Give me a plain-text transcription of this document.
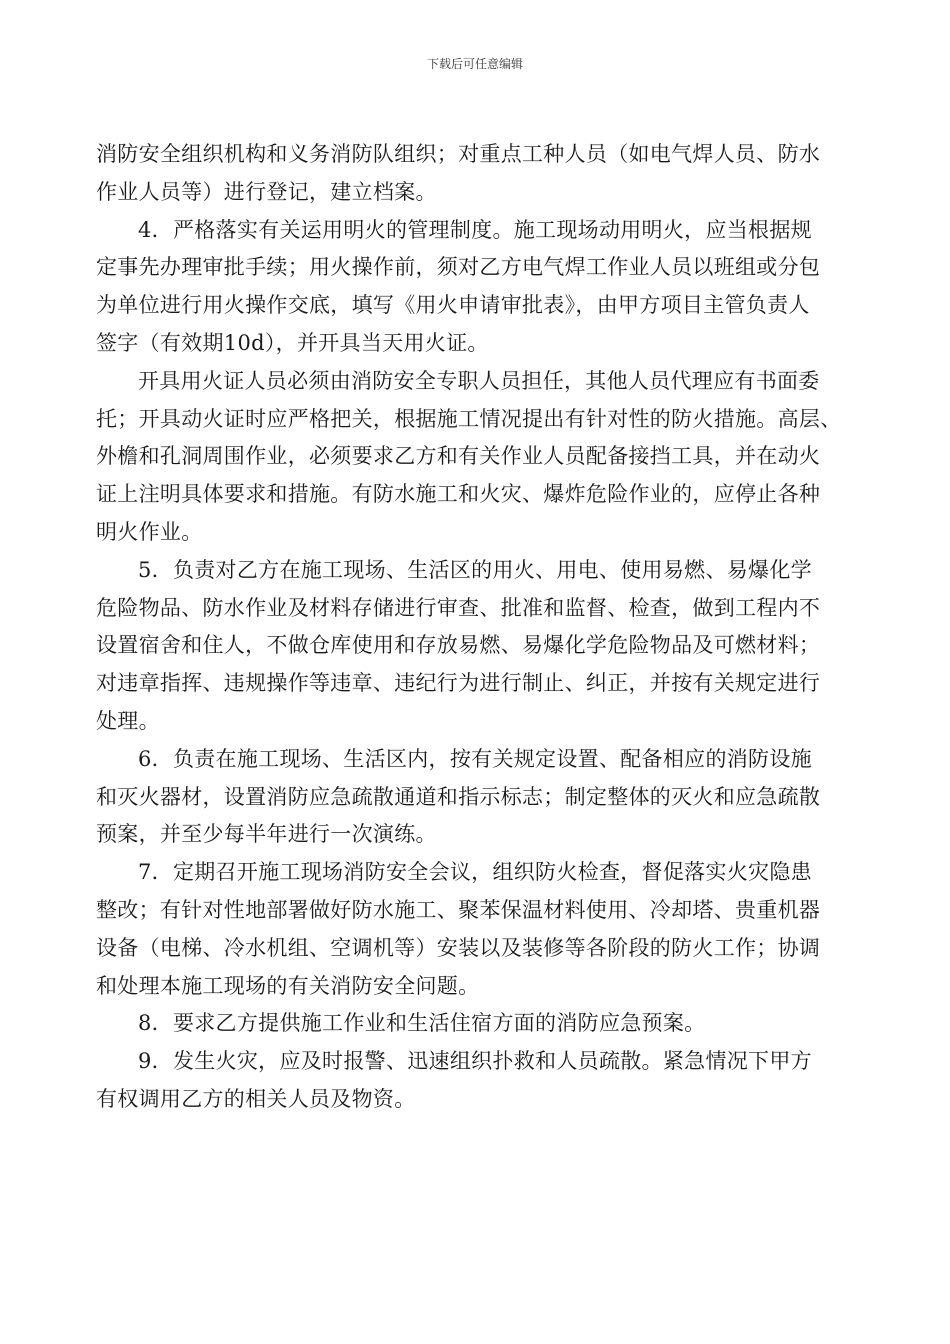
下载后可任意编辑

消防安全组织机构和义务消防队组织；对重点工种人员（如电气焊人员、防水
作业人员等）进行登记，建立档案。

4．严格落实有关运用明火的管理制度。施工现场动用明火，应当根据规
定事先办理审批手续；用火操作前，须对乙方电气焊工作业人员以班组或分包
为单位进行用火操作交底，填写《用火申请审批表》，由甲方项目主管负责人
签字（有效期10d），并开具当天用火证。

开具用火证人员必须由消防安全专职人员担任，其他人员代理应有书面委
托；开具动火证时应严格把关，根据施工情况提出有针对性的防火措施。高层、
外檐和孔洞周围作业，必须要求乙方和有关作业人员配备接挡工具，并在动火
证上注明具体要求和措施。有防水施工和火灾、爆炸危险作业的，应停止各种
明火作业。

5．负责对乙方在施工现场、生活区的用火、用电、使用易燃、易爆化学
危险物品、防水作业及材料存储进行审查、批准和监督、检查，做到工程内不
设置宿舍和住人，不做仓库使用和存放易燃、易爆化学危险物品及可燃材料；
对违章指挥、违规操作等违章、违纪行为进行制止、纠正，并按有关规定进行
处理。

6．负责在施工现场、生活区内，按有关规定设置、配备相应的消防设施
和灭火器材，设置消防应急疏散通道和指示标志；制定整体的灭火和应急疏散
预案，并至少每半年进行一次演练。

7．定期召开施工现场消防安全会议，组织防火检查，督促落实火灾隐患
整改；有针对性地部署做好防水施工、聚苯保温材料使用、冷却塔、贵重机器
设备（电梯、冷水机组、空调机等）安装以及装修等各阶段的防火工作；协调
和处理本施工现场的有关消防安全问题。

8．要求乙方提供施工作业和生活住宿方面的消防应急预案。

9．发生火灾，应及时报警、迅速组织扑救和人员疏散。紧急情况下甲方
有权调用乙方的相关人员及物资。
